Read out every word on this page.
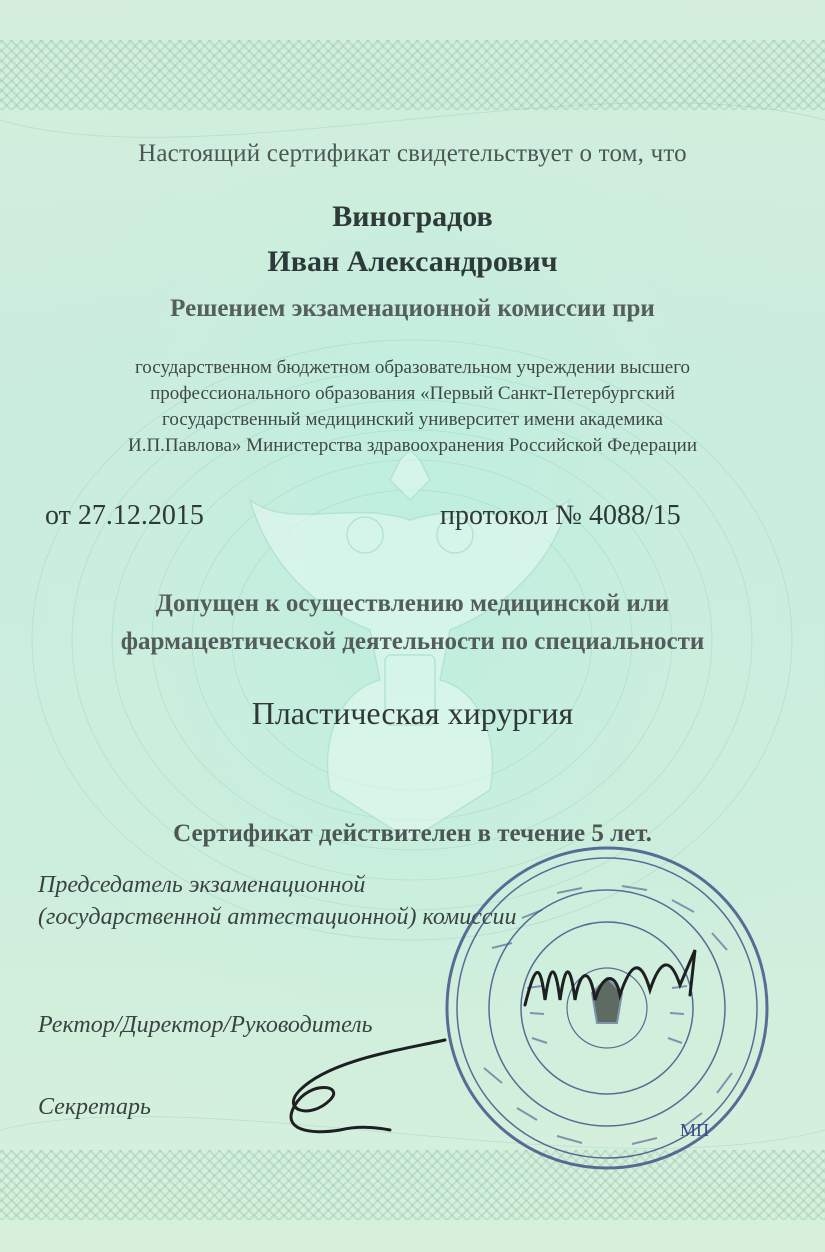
Настоящий сертификат свидетельствует о том, что
Виноградов
Иван Александрович
Решением экзаменационной комиссии при
государственном бюджетном образовательном учреждении высшего
профессионального образования «Первый Санкт-Петербургский
государственный медицинский университет имени академика
И.П.Павлова» Министерства здравоохранения Российской Федерации
от 27.12.2015	протокол № 4088/15
Допущен к осуществлению медицинской или
фармацевтической деятельности по специальности
Пластическая хирургия
Сертификат действителен в течение 5 лет.
Председатель экзаменационной
(государственной аттестационной) комиссии
Ректор/Директор/Руководитель
Секретарь
МП
